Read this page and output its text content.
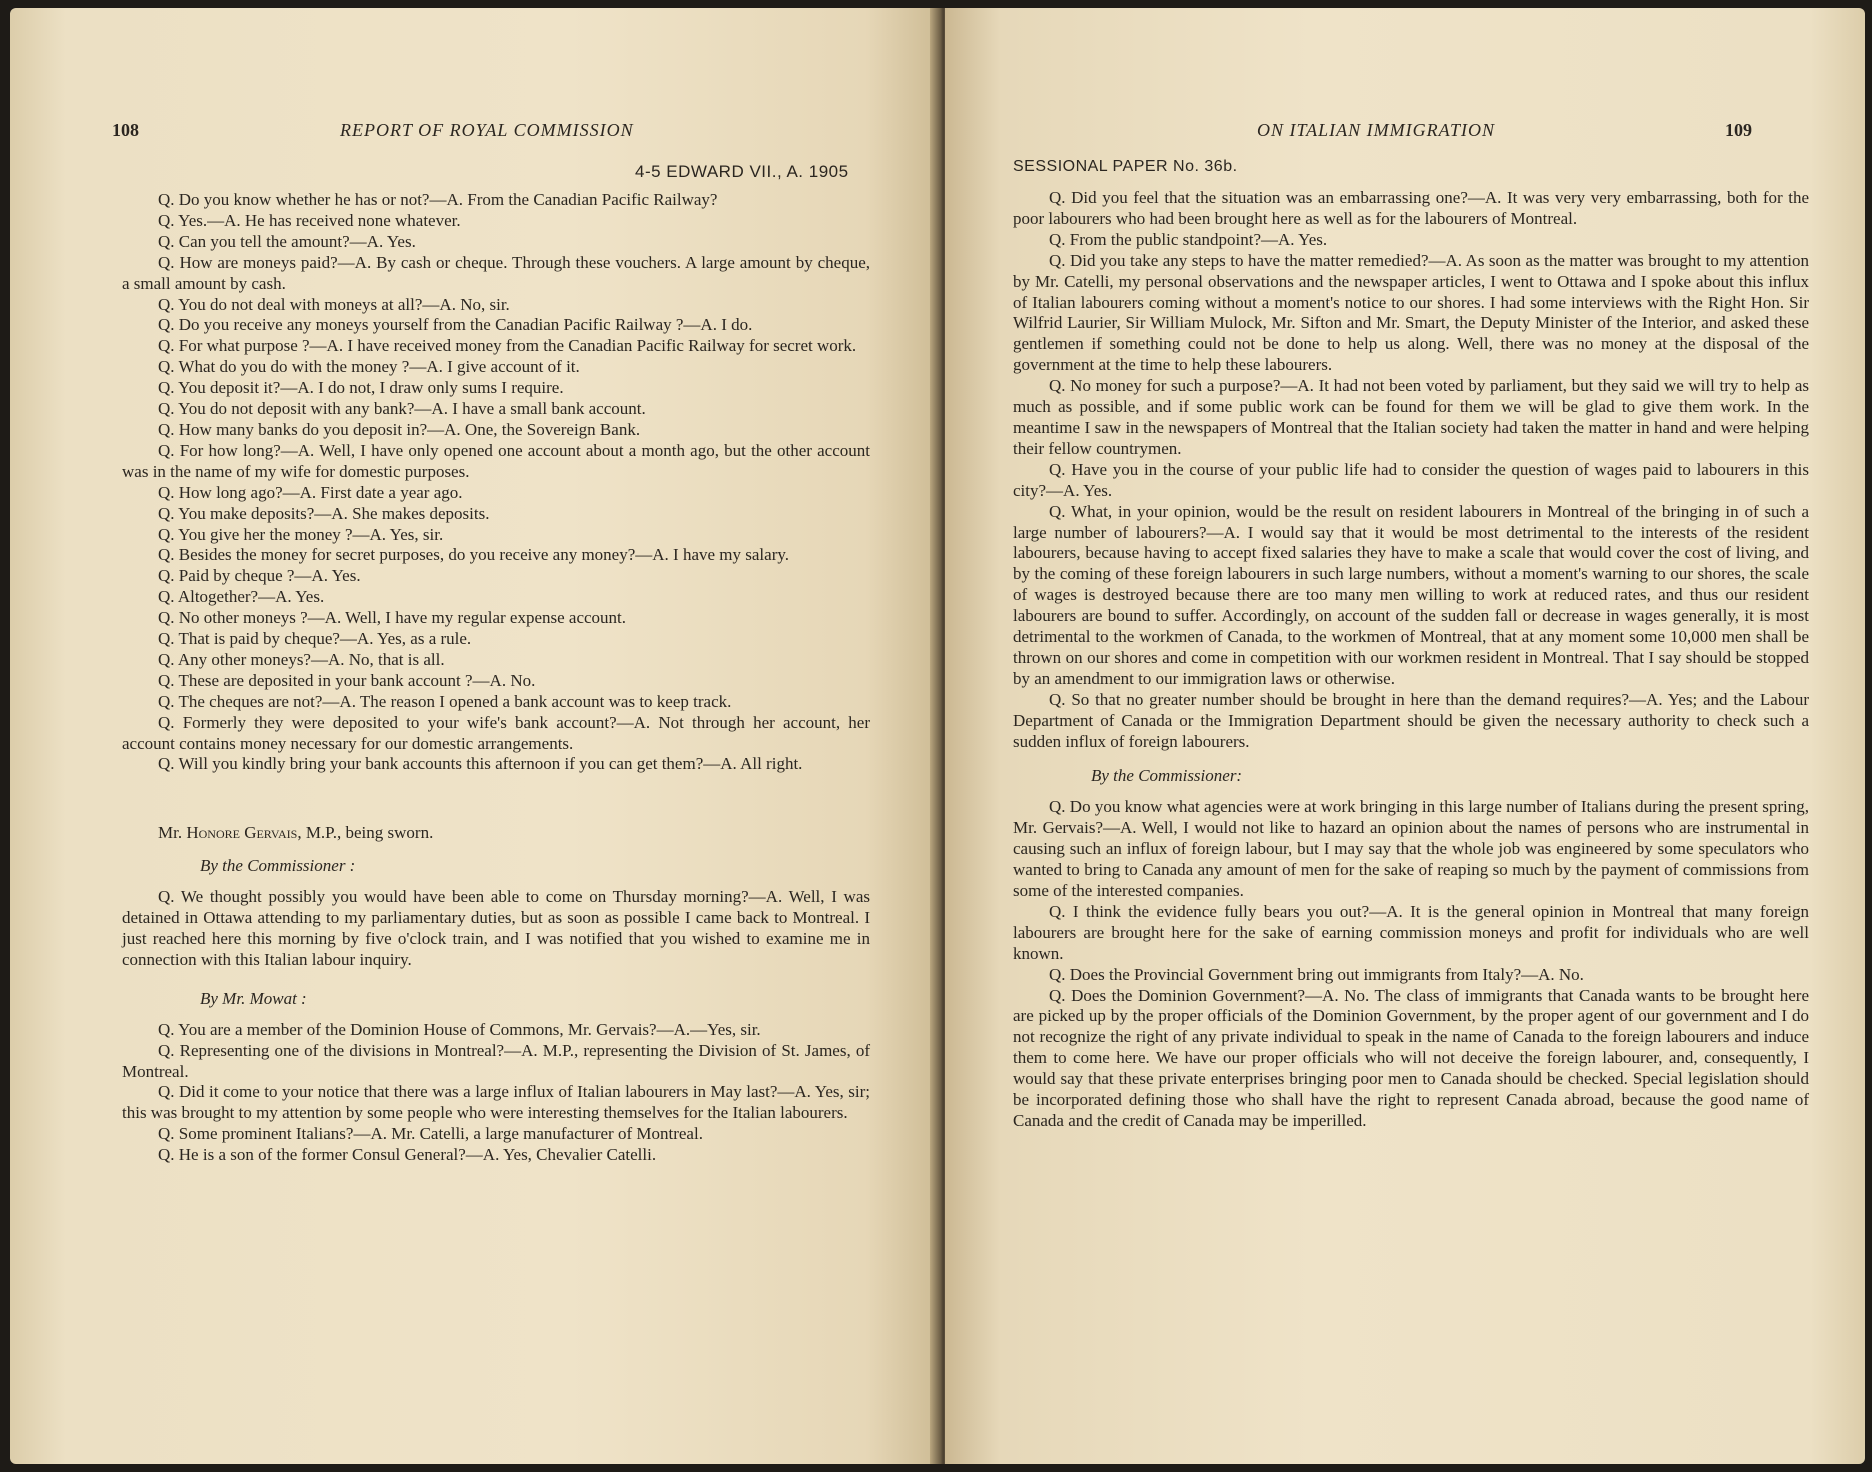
108	REPORT OF ROYAL COMMISSION
4-5 EDWARD VII., A. 1905

Q. Do you know whether he has or not?—A. From the Canadian Pacific Railway?

Q. Yes.—A. He has received none whatever.

Q. Can you tell the amount?—A. Yes.

Q. How are moneys paid?—A. By cash or cheque. Through these vouchers. A large amount by cheque, a small amount by cash.

Q. You do not deal with moneys at all?—A. No, sir.

Q. Do you receive any moneys yourself from the Canadian Pacific Railway ?—A. I do.

Q. For what purpose ?—A. I have received money from the Canadian Pacific Railway for secret work.

Q. What do you do with the money ?—A. I give account of it.

Q. You deposit it?—A. I do not, I draw only sums I require.

Q. You do not deposit with any bank?—A. I have a small bank account.

Q. How many banks do you deposit in?—A. One, the Sovereign Bank.

Q. For how long?—A. Well, I have only opened one account about a month ago, but the other account was in the name of my wife for domestic purposes.

Q. How long ago?—A. First date a year ago.

Q. You make deposits?—A. She makes deposits.

Q. You give her the money ?—A. Yes, sir.

Q. Besides the money for secret purposes, do you receive any money?—A. I have my salary.

Q. Paid by cheque ?—A. Yes.

Q. Altogether?—A. Yes.

Q. No other moneys ?—A. Well, I have my regular expense account.

Q. That is paid by cheque?—A. Yes, as a rule.

Q. Any other moneys?—A. No, that is all.

Q. These are deposited in your bank account ?—A. No.

Q. The cheques are not?—A. The reason I opened a bank account was to keep track.

Q. Formerly they were deposited to your wife's bank account?—A. Not through her account, her account contains money necessary for our domestic arrangements.

Q. Will you kindly bring your bank accounts this afternoon if you can get them?—A. All right.

Mr. Honore Gervais, M.P., being sworn.

By the Commissioner :

Q. We thought possibly you would have been able to come on Thursday morning?—A. Well, I was detained in Ottawa attending to my parliamentary duties, but as soon as possible I came back to Montreal. I just reached here this morning by five o'clock train, and I was notified that you wished to examine me in connection with this Italian labour inquiry.

By Mr. Mowat :

Q. You are a member of the Dominion House of Commons, Mr. Gervais?—A.—Yes, sir.

Q. Representing one of the divisions in Montreal?—A. M.P., representing the Division of St. James, of Montreal.

Q. Did it come to your notice that there was a large influx of Italian labourers in May last?—A. Yes, sir; this was brought to my attention by some people who were interesting themselves for the Italian labourers.

Q. Some prominent Italians?—A. Mr. Catelli, a large manufacturer of Montreal.

Q. He is a son of the former Consul General?—A. Yes, Chevalier Catelli.

ON ITALIAN IMMIGRATION	109
SESSIONAL PAPER No. 36b.

Q. Did you feel that the situation was an embarrassing one?—A. It was very very embarrassing, both for the poor labourers who had been brought here as well as for the labourers of Montreal.

Q. From the public standpoint?—A. Yes.

Q. Did you take any steps to have the matter remedied?—A. As soon as the matter was brought to my attention by Mr. Catelli, my personal observations and the newspaper articles, I went to Ottawa and I spoke about this influx of Italian labourers coming without a moment's notice to our shores. I had some interviews with the Right Hon. Sir Wilfrid Laurier, Sir William Mulock, Mr. Sifton and Mr. Smart, the Deputy Minister of the Interior, and asked these gentlemen if something could not be done to help us along. Well, there was no money at the disposal of the government at the time to help these labourers.

Q. No money for such a purpose?—A. It had not been voted by parliament, but they said we will try to help as much as possible, and if some public work can be found for them we will be glad to give them work. In the meantime I saw in the newspapers of Montreal that the Italian society had taken the matter in hand and were helping their fellow countrymen.

Q. Have you in the course of your public life had to consider the question of wages paid to labourers in this city?—A. Yes.

Q. What, in your opinion, would be the result on resident labourers in Montreal of the bringing in of such a large number of labourers?—A. I would say that it would be most detrimental to the interests of the resident labourers, because having to accept fixed salaries they have to make a scale that would cover the cost of living, and by the coming of these foreign labourers in such large numbers, without a moment's warning to our shores, the scale of wages is destroyed because there are too many men willing to work at reduced rates, and thus our resident labourers are bound to suffer. Accordingly, on account of the sudden fall or decrease in wages generally, it is most detrimental to the workmen of Canada, to the workmen of Montreal, that at any moment some 10,000 men shall be thrown on our shores and come in competition with our workmen resident in Montreal. That I say should be stopped by an amendment to our immigration laws or otherwise.

Q. So that no greater number should be brought in here than the demand requires?—A. Yes; and the Labour Department of Canada or the Immigration Department should be given the necessary authority to check such a sudden influx of foreign labourers.

By the Commissioner:

Q. Do you know what agencies were at work bringing in this large number of Italians during the present spring, Mr. Gervais?—A. Well, I would not like to hazard an opinion about the names of persons who are instrumental in causing such an influx of foreign labour, but I may say that the whole job was engineered by some speculators who wanted to bring to Canada any amount of men for the sake of reaping so much by the payment of commissions from some of the interested companies.

Q. I think the evidence fully bears you out?—A. It is the general opinion in Montreal that many foreign labourers are brought here for the sake of earning commission moneys and profit for individuals who are well known.

Q. Does the Provincial Government bring out immigrants from Italy?—A. No.

Q. Does the Dominion Government?—A. No. The class of immigrants that Canada wants to be brought here are picked up by the proper officials of the Dominion Government, by the proper agent of our government and I do not recognize the right of any private individual to speak in the name of Canada to the foreign labourers and induce them to come here. We have our proper officials who will not deceive the foreign labourer, and, consequently, I would say that these private enterprises bringing poor men to Canada should be checked. Special legislation should be incorporated defining those who shall have the right to represent Canada abroad, because the good name of Canada and the credit of Canada may be imperilled.
